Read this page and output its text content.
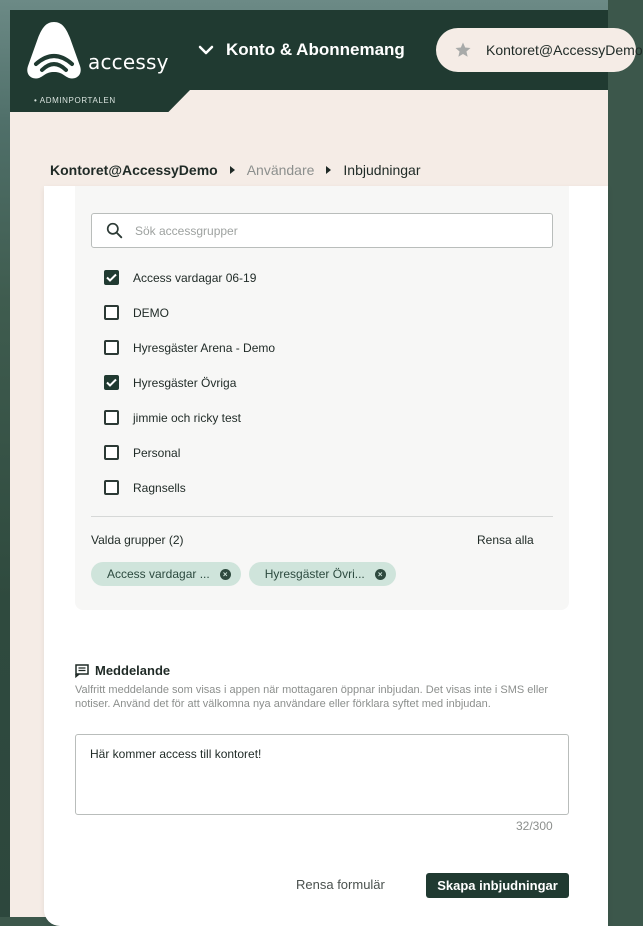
accessy
Konto & Abonnemang	Kontoret@AccessyDemo
• ADMINPORTALEN
Kontoret@AccessyDemo Användare Inbjudningar
Sök accessgrupper
Access vardagar 06-19
DEMO
Hyresgäster Arena - Demo
Hyresgäster Övriga
jimmie och ricky test
Personal
Ragnsells
Valda grupper (2)	Rensa alla
Access vardagar ...	×	Hyresgäster Övri...	×
Meddelande
Valfritt meddelande som visas i appen när mottagaren öppnar inbjudan. Det visas inte i SMS eller notiser. Använd det för att välkomna nya användare eller förklara syftet med inbjudan.
Här kommer access till kontoret!
32/300
Rensa formulär	Skapa inbjudningar
